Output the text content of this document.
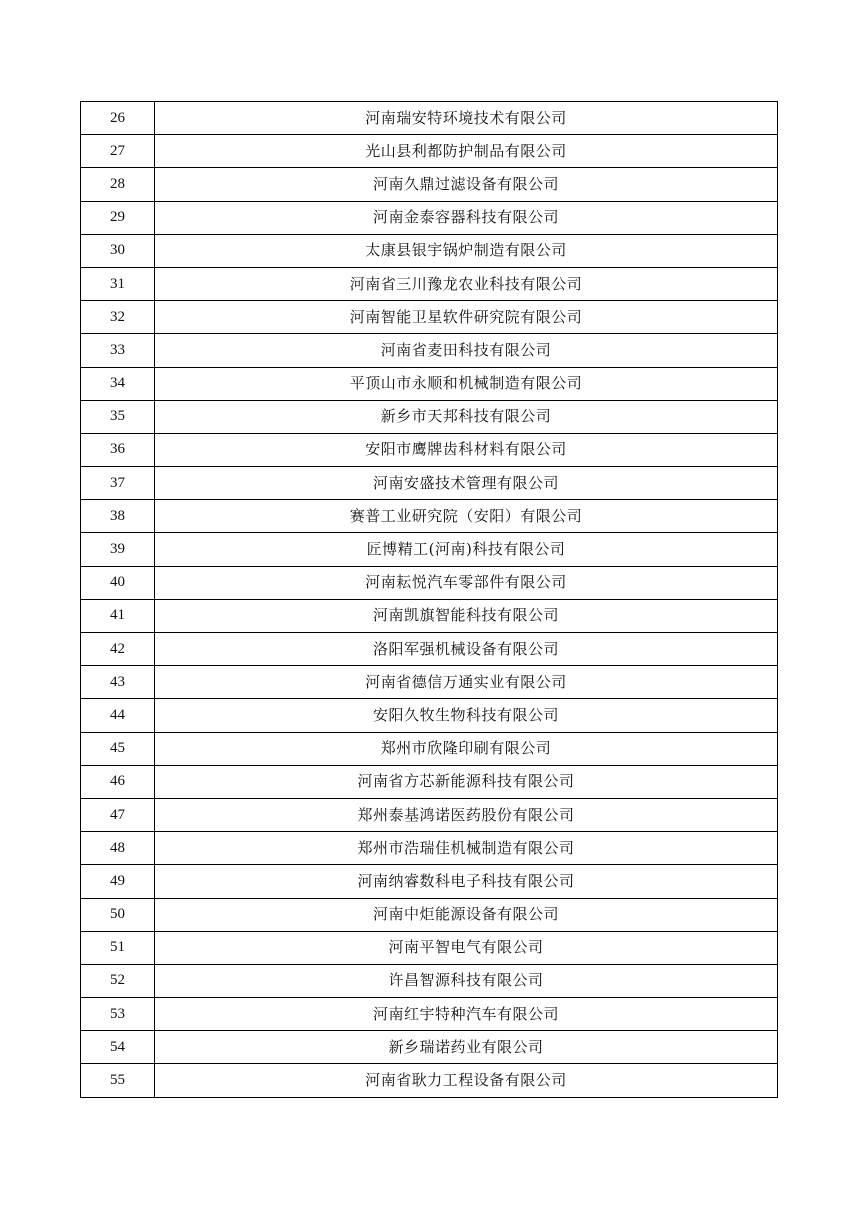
26	河南瑞安特环境技术有限公司
27	光山县利都防护制品有限公司
28	河南久鼎过滤设备有限公司
29	河南金泰容器科技有限公司
30	太康县银宇锅炉制造有限公司
31	河南省三川豫龙农业科技有限公司
32	河南智能卫星软件研究院有限公司
33	河南省麦田科技有限公司
34	平顶山市永顺和机械制造有限公司
35	新乡市天邦科技有限公司
36	安阳市鹰牌齿科材料有限公司
37	河南安盛技术管理有限公司
38	赛普工业研究院（安阳）有限公司
39	匠博精工(河南)科技有限公司
40	河南耘悦汽车零部件有限公司
41	河南凯旗智能科技有限公司
42	洛阳军强机械设备有限公司
43	河南省德信万通实业有限公司
44	安阳久牧生物科技有限公司
45	郑州市欣隆印刷有限公司
46	河南省方芯新能源科技有限公司
47	郑州泰基鸿诺医药股份有限公司
48	郑州市浩瑞佳机械制造有限公司
49	河南纳睿数科电子科技有限公司
50	河南中炬能源设备有限公司
51	河南平智电气有限公司
52	许昌智源科技有限公司
53	河南红宇特种汽车有限公司
54	新乡瑞诺药业有限公司
55	河南省耿力工程设备有限公司
